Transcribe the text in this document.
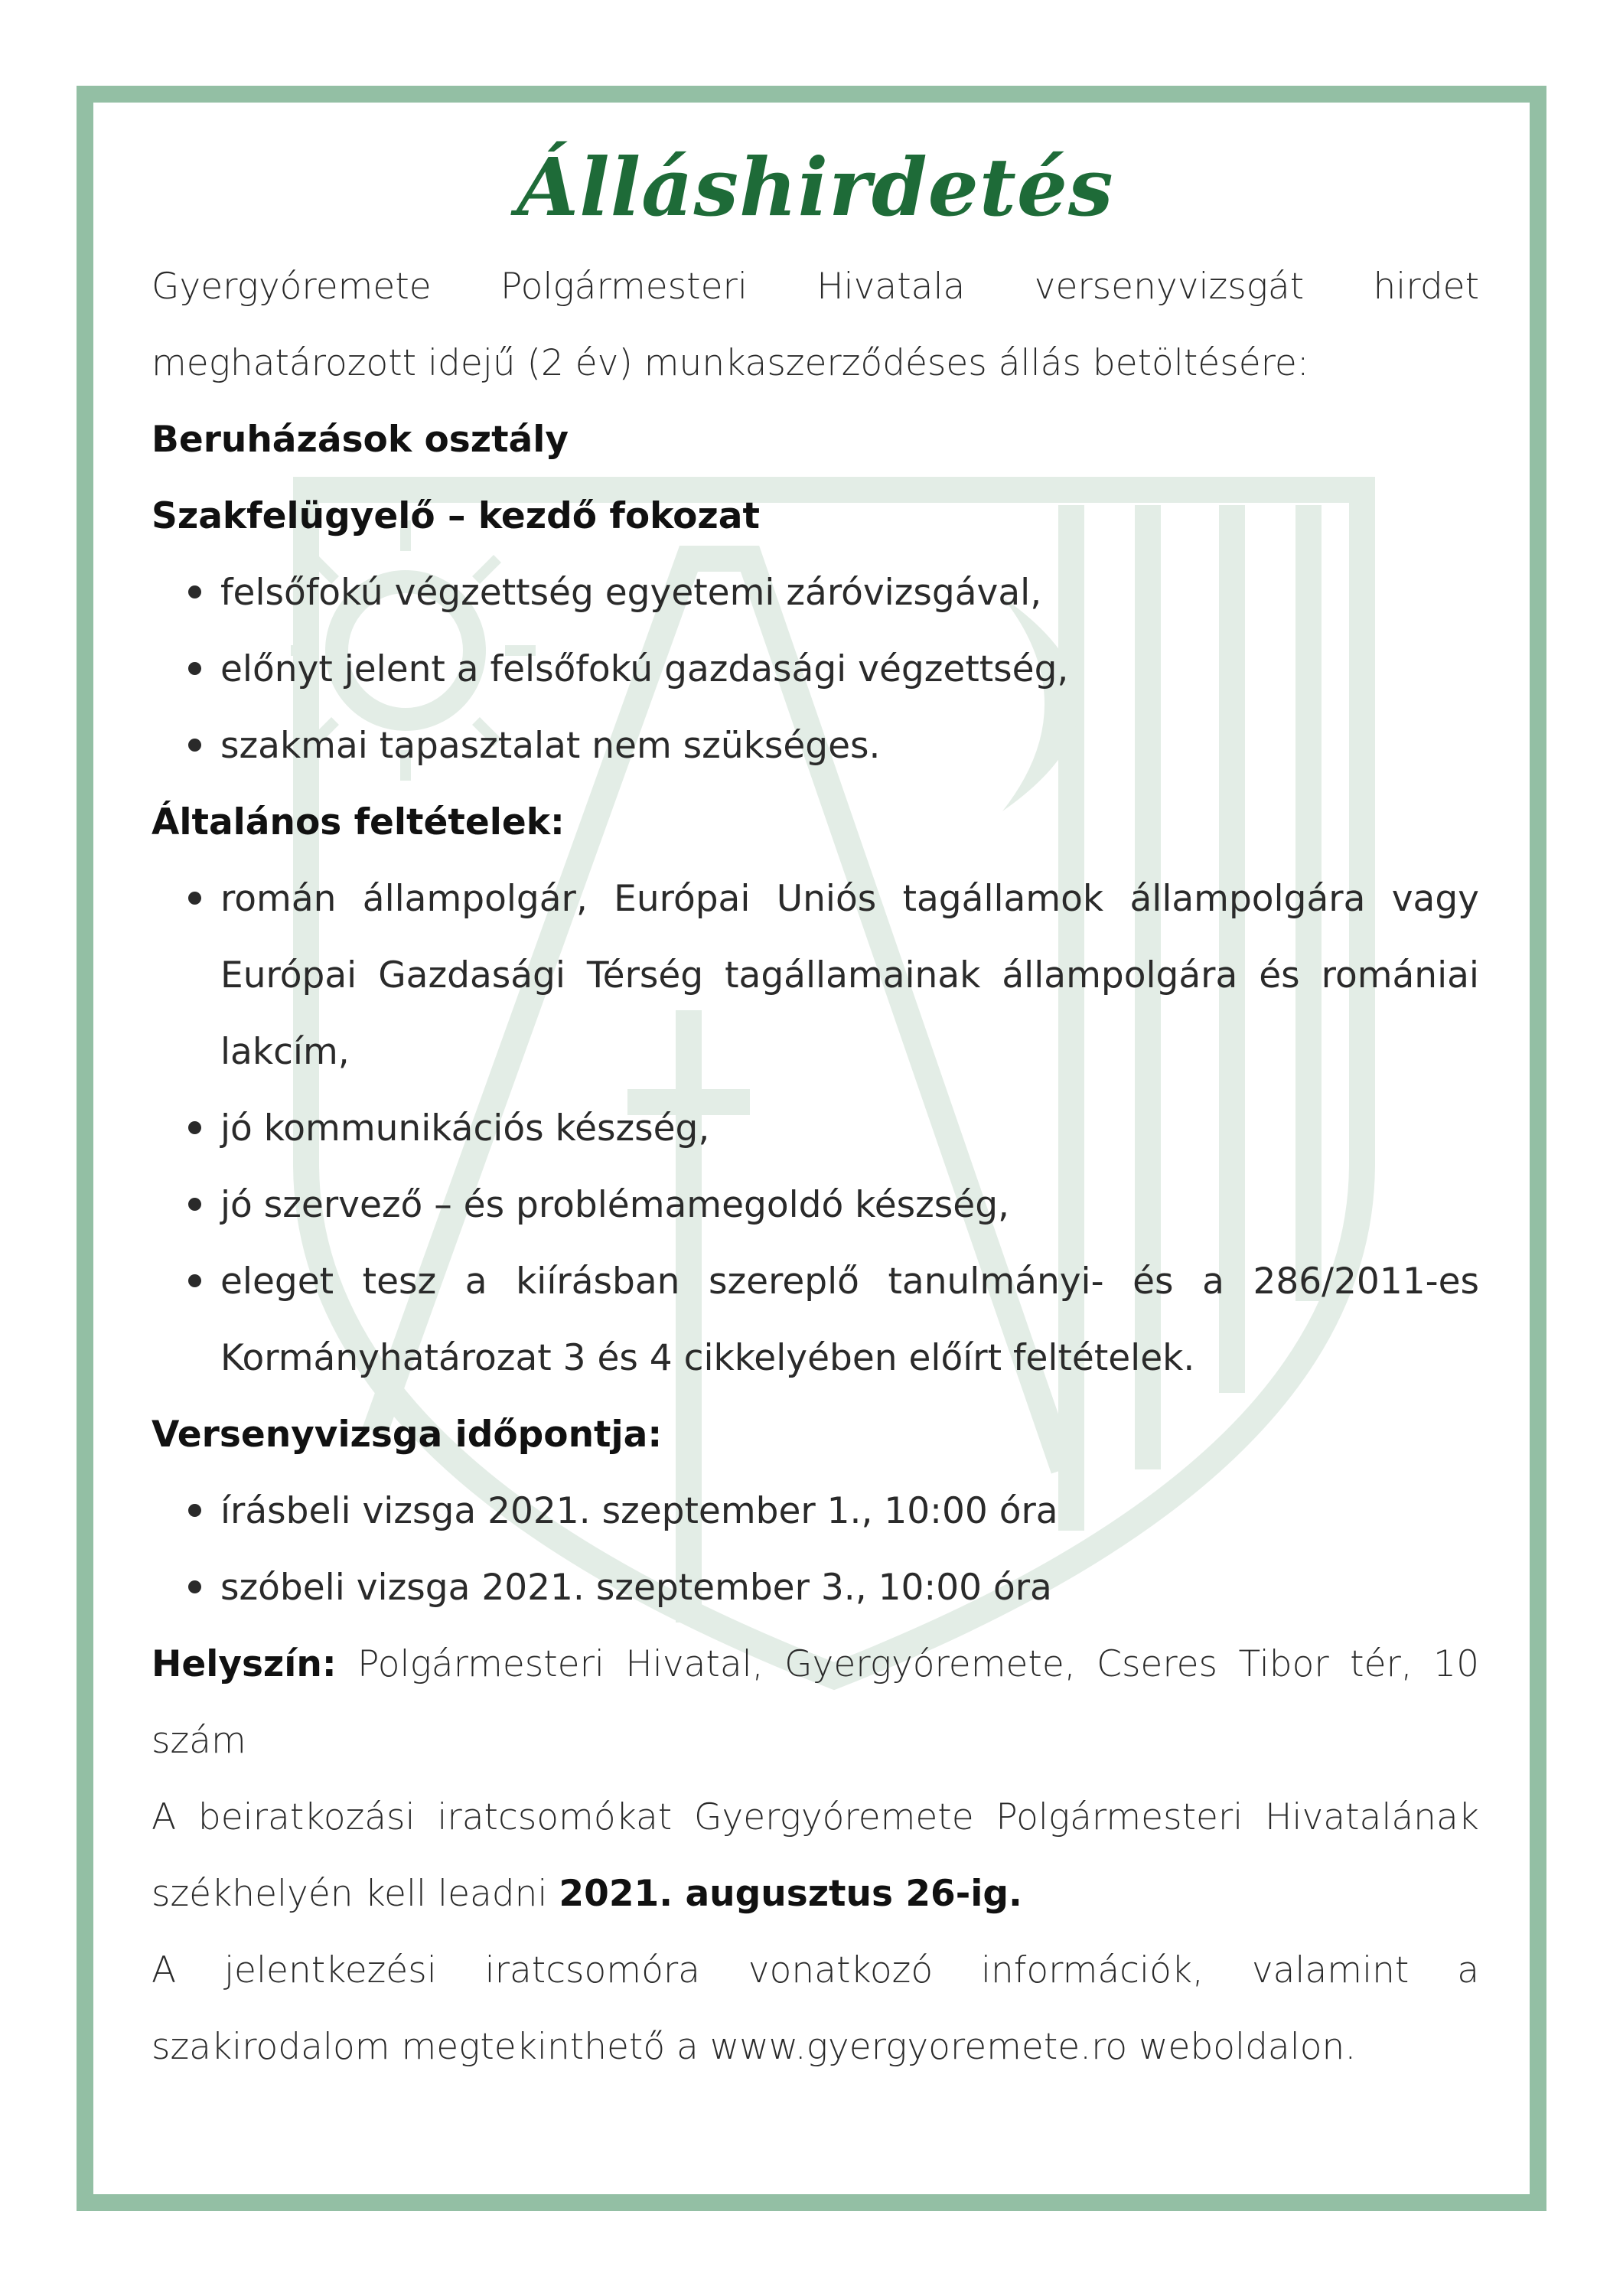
Álláshirdetés

Gyergyóremete Polgármesteri Hivatala versenyvizsgát hirdet

meghatározott idejű (2 év) munkaszerződéses állás betöltésére:

Beruházások osztály
Szakfelügyelő – kezdő fokozat
felsőfokú végzettség egyetemi záróvizsgával,
előnyt jelent a felsőfokú gazdasági végzettség,
szakmai tapasztalat nem szükséges.
Általános feltételek:
román állampolgár, Európai Uniós tagállamok állampolgára vagy Európai Gazdasági Térség tagállamainak állampolgára és romániai lakcím,
jó kommunikációs készség,
jó szervező – és problémamegoldó készség,
eleget tesz a kiírásban szereplő tanulmányi- és a 286/2011-es Kormányhatározat 3 és 4 cikkelyében előírt feltételek.
Versenyvizsga időpontja:
írásbeli vizsga 2021. szeptember 1., 10:00 óra
szóbeli vizsga 2021. szeptember 3., 10:00 óra

Helyszín: Polgármesteri Hivatal, Gyergyóremete, Cseres Tibor tér, 10 szám

A beiratkozási iratcsomókat Gyergyóremete Polgármesteri Hivatalának székhelyén kell leadni 2021. augusztus 26-ig.

A jelentkezési iratcsomóra vonatkozó információk, valamint a szakirodalom megtekinthető a www.gyergyoremete.ro weboldalon.
